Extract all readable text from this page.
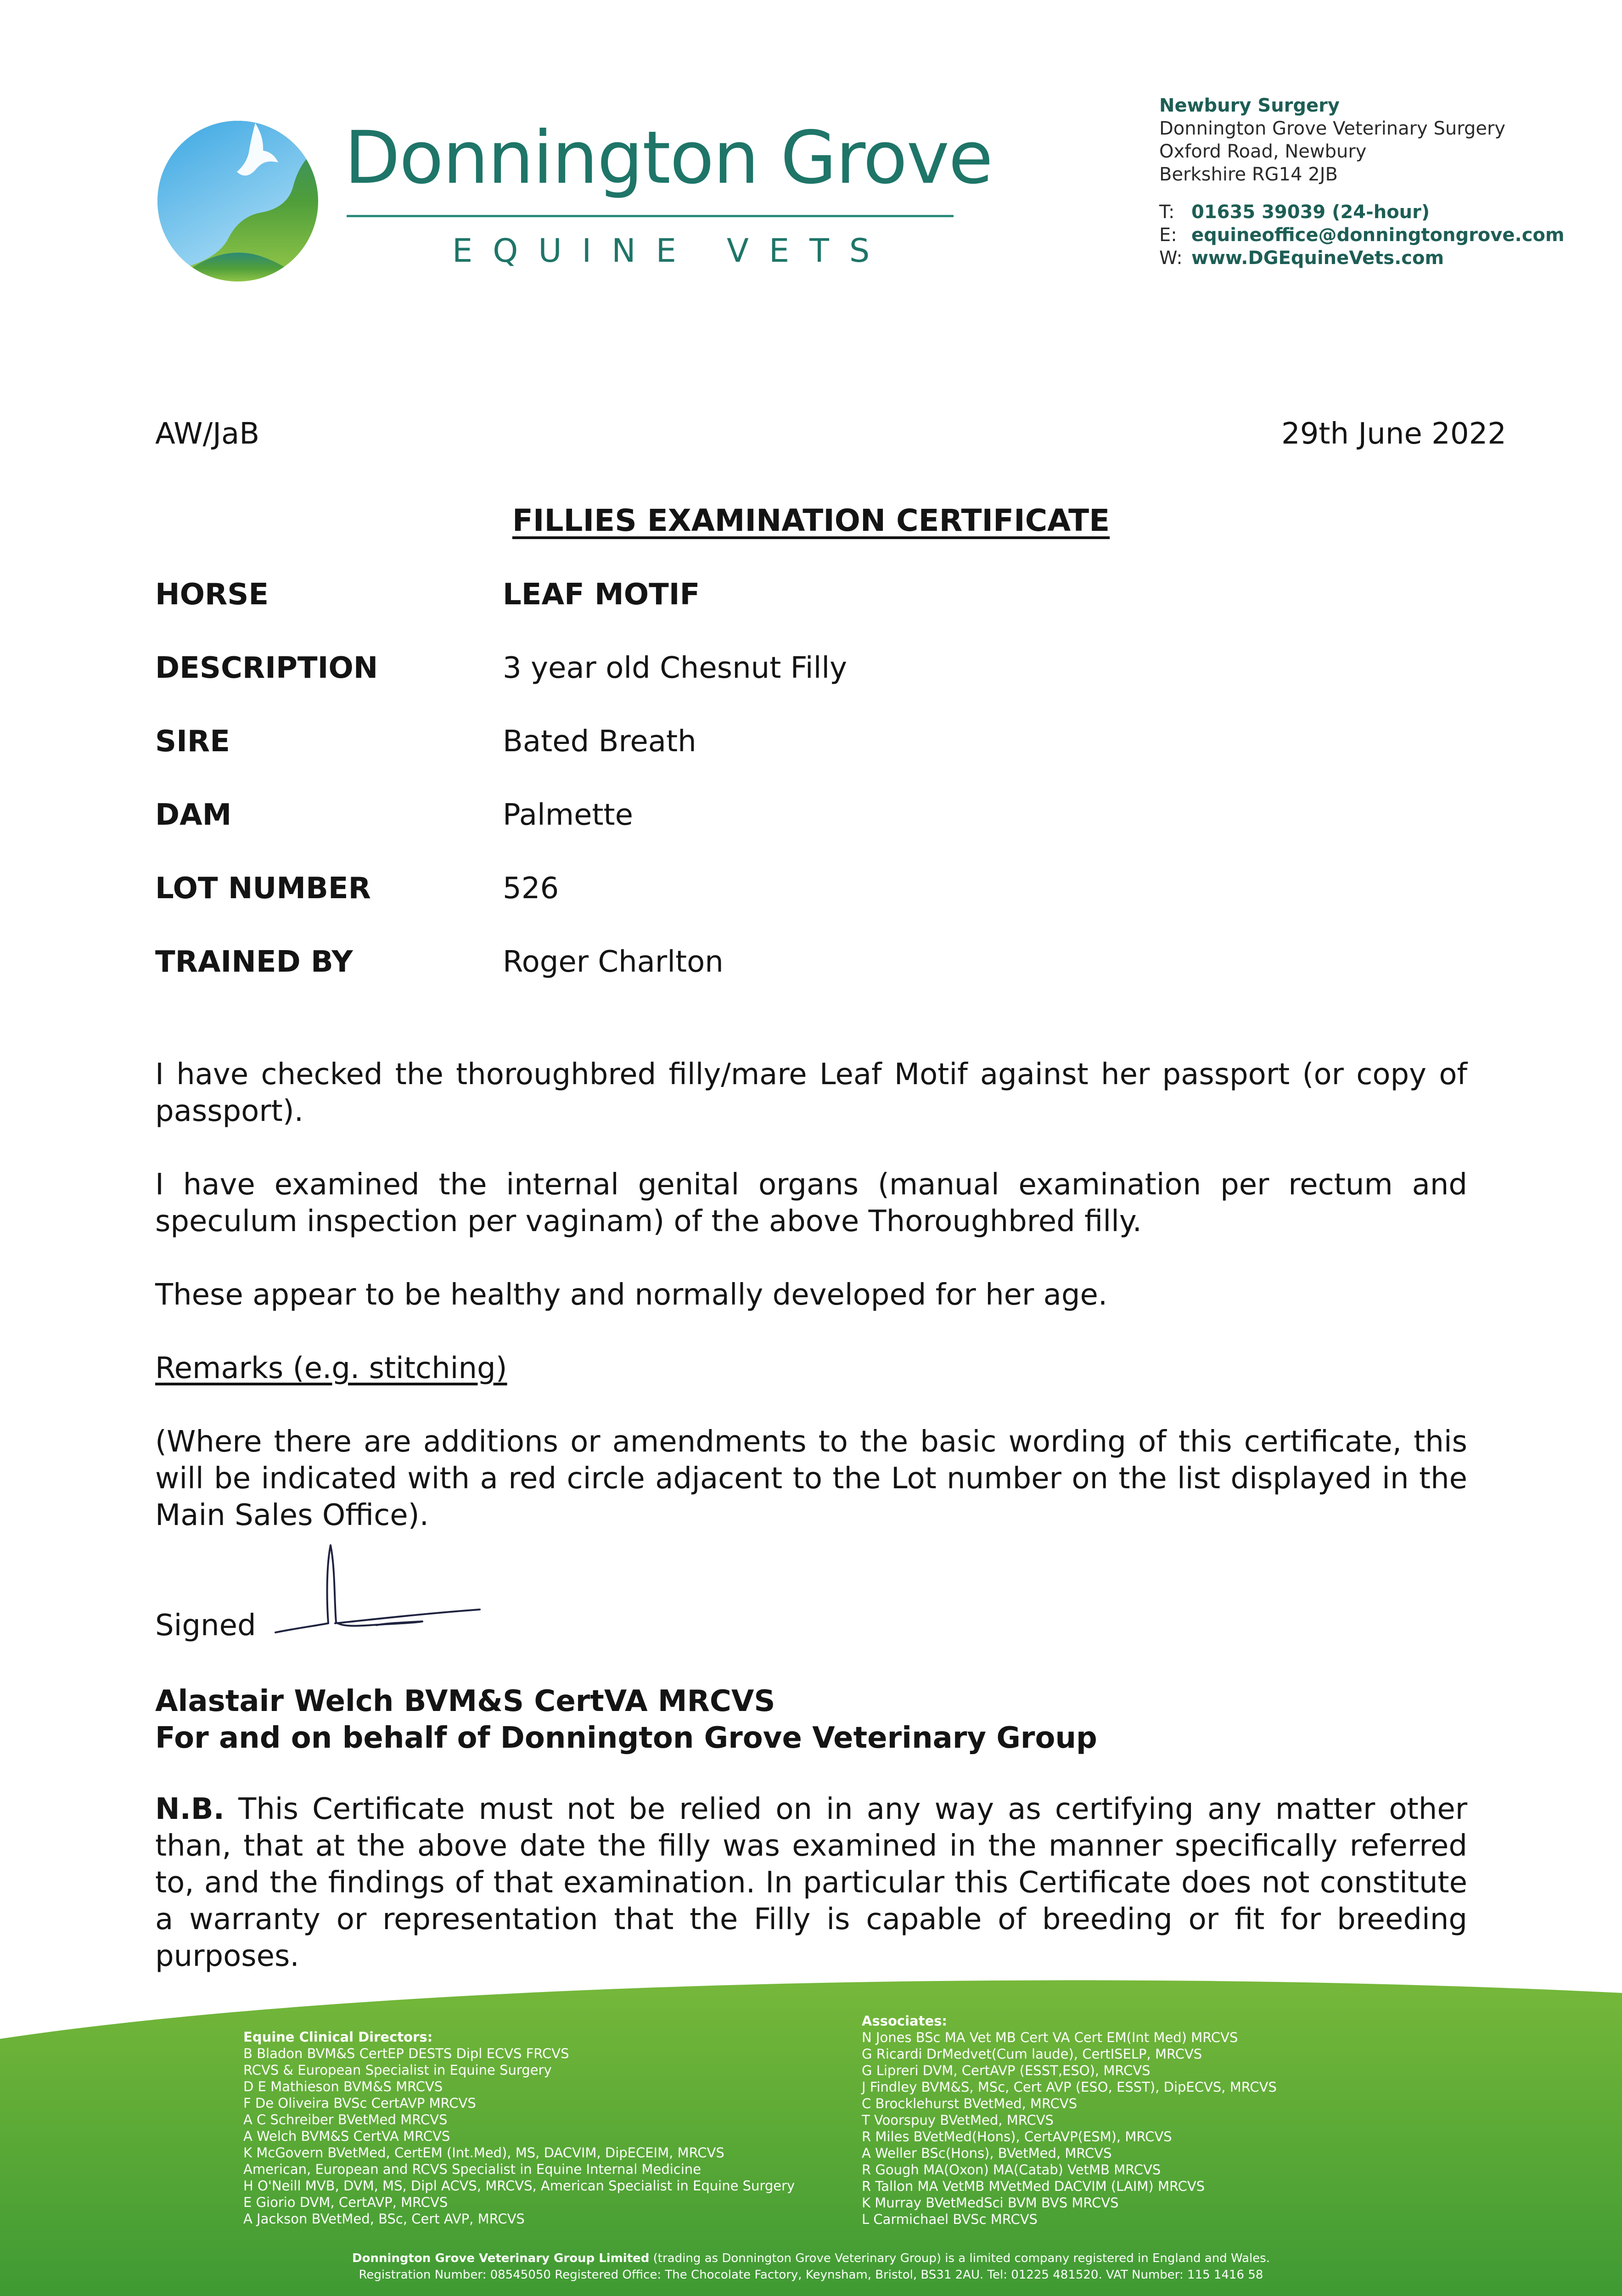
Donnington Grove
EQUINE VETS
Newbury Surgery
Donnington Grove Veterinary Surgery
Oxford Road, Newbury
Berkshire RG14 2JB
T: 01635 39039 (24-hour)
E: equineoffice@donningtongrove.com
W: www.DGEquineVets.com
AW/JaB	29th June 2022
FILLIES EXAMINATION CERTIFICATE
HORSE	LEAF MOTIF
DESCRIPTION	3 year old Chesnut Filly
SIRE	Bated Breath
DAM	Palmette
LOT NUMBER	526
TRAINED BY	Roger Charlton
I have checked the thoroughbred filly/mare Leaf Motif against her passport (or copy of passport).
I have examined the internal genital organs (manual examination per rectum and speculum inspection per vaginam) of the above Thoroughbred filly.
These appear to be healthy and normally developed for her age.
Remarks (e.g. stitching)
(Where there are additions or amendments to the basic wording of this certificate, this will be indicated with a red circle adjacent to the Lot number on the list displayed in the Main Sales Office).
Signed
Alastair Welch BVM&S CertVA MRCVS
For and on behalf of Donnington Grove Veterinary Group
N.B. This Certificate must not be relied on in any way as certifying any matter other than, that at the above date the filly was examined in the manner specifically referred to, and the findings of that examination. In particular this Certificate does not constitute a warranty or representation that the Filly is capable of breeding or fit for breeding purposes.
Equine Clinical Directors:
B Bladon BVM&S CertEP DESTS Dipl ECVS FRCVS
RCVS & European Specialist in Equine Surgery
D E Mathieson BVM&S MRCVS
F De Oliveira BVSc CertAVP MRCVS
A C Schreiber BVetMed MRCVS
A Welch BVM&S CertVA MRCVS
K McGovern BVetMed, CertEM (Int.Med), MS, DACVIM, DipECEIM, MRCVS
American, European and RCVS Specialist in Equine Internal Medicine
H O'Neill MVB, DVM, MS, Dipl ACVS, MRCVS, American Specialist in Equine Surgery
E Giorio DVM, CertAVP, MRCVS
A Jackson BVetMed, BSc, Cert AVP, MRCVS
Associates:
N Jones BSc MA Vet MB Cert VA Cert EM(Int Med) MRCVS
G Ricardi DrMedvet(Cum laude), CertISELP, MRCVS
G Lipreri DVM, CertAVP (ESST,ESO), MRCVS
J Findley BVM&S, MSc, Cert AVP (ESO, ESST), DipECVS, MRCVS
C Brocklehurst BVetMed, MRCVS
T Voorspuy BVetMed, MRCVS
R Miles BVetMed(Hons), CertAVP(ESM), MRCVS
A Weller BSc(Hons), BVetMed, MRCVS
R Gough MA(Oxon) MA(Catab) VetMB MRCVS
R Tallon MA VetMB MVetMed DACVIM (LAIM) MRCVS
K Murray BVetMedSci BVM BVS MRCVS
L Carmichael BVSc MRCVS
Donnington Grove Veterinary Group Limited (trading as Donnington Grove Veterinary Group) is a limited company registered in England and Wales.
Registration Number: 08545050 Registered Office: The Chocolate Factory, Keynsham, Bristol, BS31 2AU. Tel: 01225 481520. VAT Number: 115 1416 58
